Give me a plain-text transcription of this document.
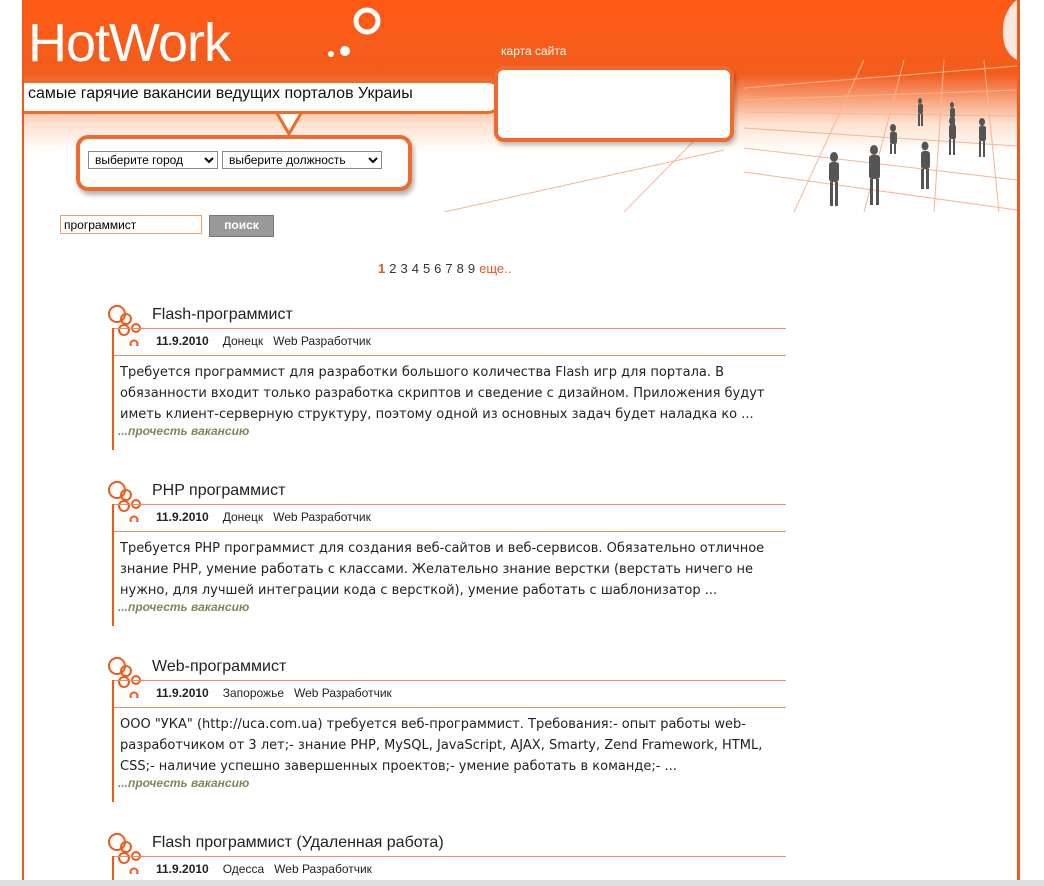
HotWork
самые гарячие вакансии ведущих порталов Украиы
карта сайта
выберите город
выберите должность
программист
поиск
1 2 3 4 5 6 7 8 9 еще..
Flash-программист
11.9.2010 Донецк Web Разработчик
Требуется программист для разработки большого количества Flash игр для портала. В обязанности входит только разработка скриптов и сведение с дизайном. Приложения будут иметь клиент-серверную структуру, поэтому одной из основных задач будет наладка ко ...
...прочесть вакансию
PHP программист
11.9.2010 Донецк Web Разработчик
Требуется PHP программист для создания веб-сайтов и веб-сервисов. Обязательно отличное знание PHP, умение работать с классами. Желательно знание верстки (верстать ничего не нужно, для лучшей интеграции кода с версткой), умение работать с шаблонизатор ...
...прочесть вакансию
Web-программист
11.9.2010 Запорожье Web Разработчик
ООО "УКА" (http://uca.com.ua) требуется веб-программист. Требования:- опыт работы web-разработчиком от 3 лет;- знание PHP, MySQL, JavaScript, AJAX, Smarty, Zend Framework, HTML, CSS;- наличие успешно завершенных проектов;- умение работать в команде;- ...
...прочесть вакансию
Flash программист (Удаленная работа)
11.9.2010 Одесса Web Разработчик
